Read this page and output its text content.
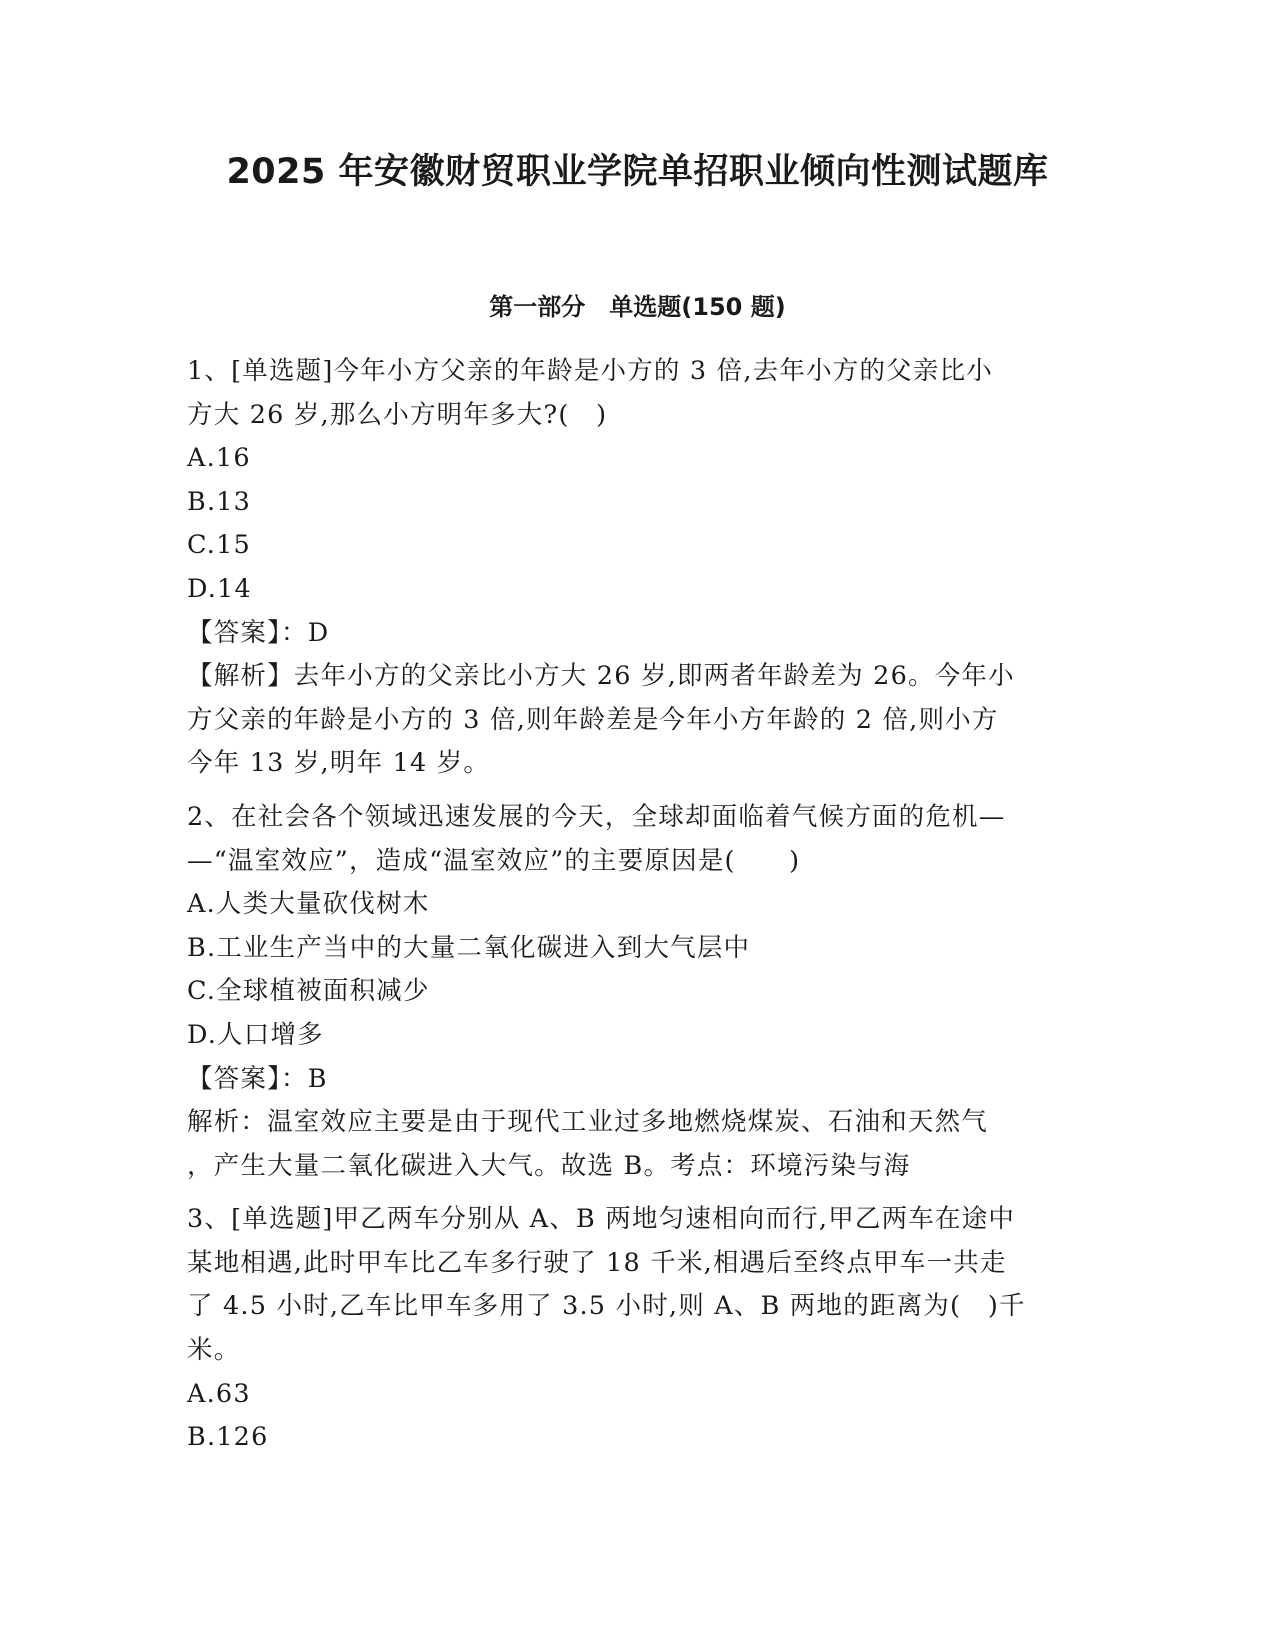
2025 年安徽财贸职业学院单招职业倾向性测试题库
第一部分　单选题(150 题)
1、[单选题]今年小方父亲的年龄是小方的 3 倍,去年小方的父亲比小
方大 26 岁,那么小方明年多大?(　)
A.16
B.13
C.15
D.14
【答案】：D
【解析】去年小方的父亲比小方大 26 岁,即两者年龄差为 26。今年小
方父亲的年龄是小方的 3 倍,则年龄差是今年小方年龄的 2 倍,则小方
今年 13 岁,明年 14 岁。
2、在社会各个领域迅速发展的今天，全球却面临着气候方面的危机—
—“温室效应”，造成“温室效应”的主要原因是(　　)
A.人类大量砍伐树木
B.工业生产当中的大量二氧化碳进入到大气层中
C.全球植被面积减少
D.人口增多
【答案】：B
解析：温室效应主要是由于现代工业过多地燃烧煤炭、石油和天然气
，产生大量二氧化碳进入大气。故选 B。考点：环境污染与海
3、[单选题]甲乙两车分别从 A、B 两地匀速相向而行,甲乙两车在途中
某地相遇,此时甲车比乙车多行驶了 18 千米,相遇后至终点甲车一共走
了 4.5 小时,乙车比甲车多用了 3.5 小时,则 A、B 两地的距离为(　)千
米。
A.63
B.126
